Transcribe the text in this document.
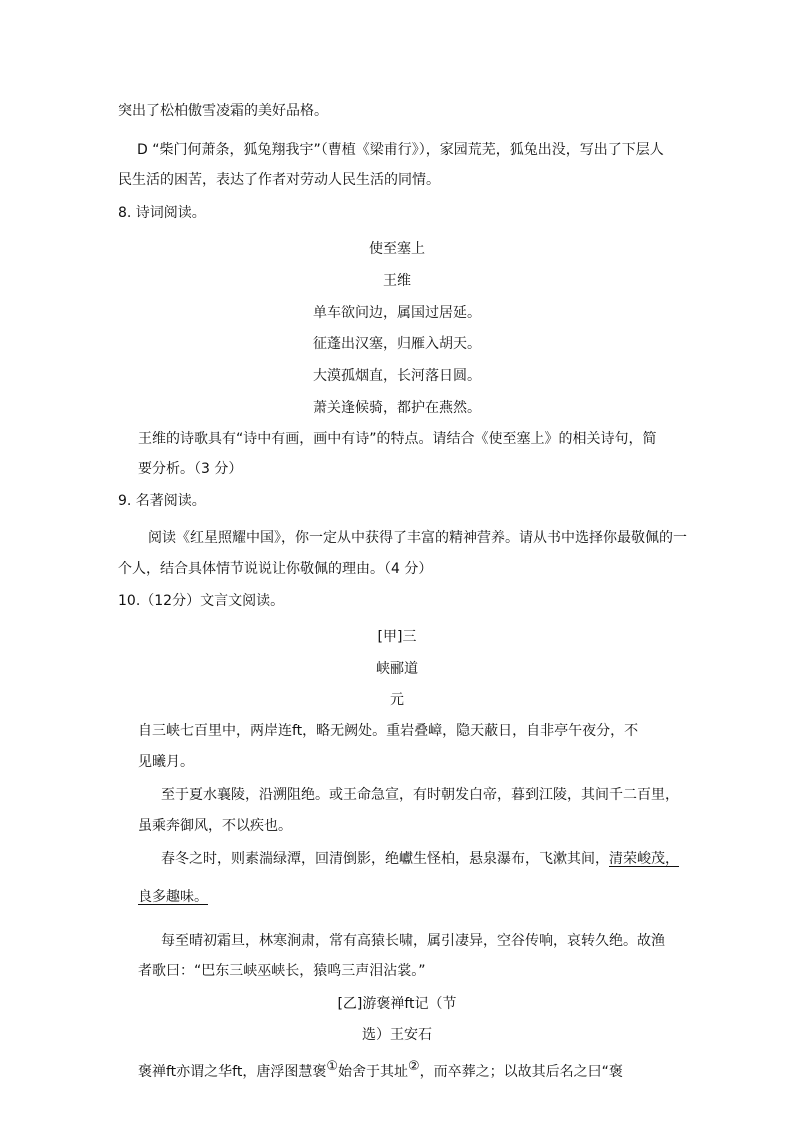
突出了松柏傲雪凌霜的美好品格。
D “柴门何萧条，狐兔翔我宇”（曹植《梁甫行》），家园荒芜，狐兔出没，写出了下层人
民生活的困苦，表达了作者对劳动人民生活的同情。
8. 诗词阅读。
使至塞上
王维
单车欲问边，属国过居延。
征蓬出汉塞，归雁入胡天。
大漠孤烟直，长河落日圆。
萧关逢候骑，都护在燕然。
王维的诗歌具有“诗中有画，画中有诗”的特点。请结合《使至塞上》的相关诗句，简
要分析。（3 分）
9. 名著阅读。
阅读《红星照耀中国》，你一定从中获得了丰富的精神营养。请从书中选择你最敬佩的一
个人，结合具体情节说说让你敬佩的理由。（4 分）
10.（12分）文言文阅读。
[甲]三
峡郦道
元
自三峡七百里中，两岸连ft，略无阙处。重岩叠嶂，隐天蔽日，自非亭午夜分，不
见曦月。
至于夏水襄陵，沿溯阻绝。或王命急宣，有时朝发白帝，暮到江陵，其间千二百里，
虽乘奔御风，不以疾也。
春冬之时，则素湍绿潭，回清倒影，绝巘生怪柏，悬泉瀑布，飞漱其间，清荣峻茂，
良多趣味。
每至晴初霜旦，林寒涧肃，常有高猿长啸，属引凄异，空谷传响，哀转久绝。故渔
者歌曰：“巴东三峡巫峡长，猿鸣三声泪沾裳。”
[乙]游褒禅ft记（节
选）王安石
褒禅ft亦谓之华ft，唐浮图慧褒①始舍于其址②，而卒葬之；以故其后名之曰“褒
